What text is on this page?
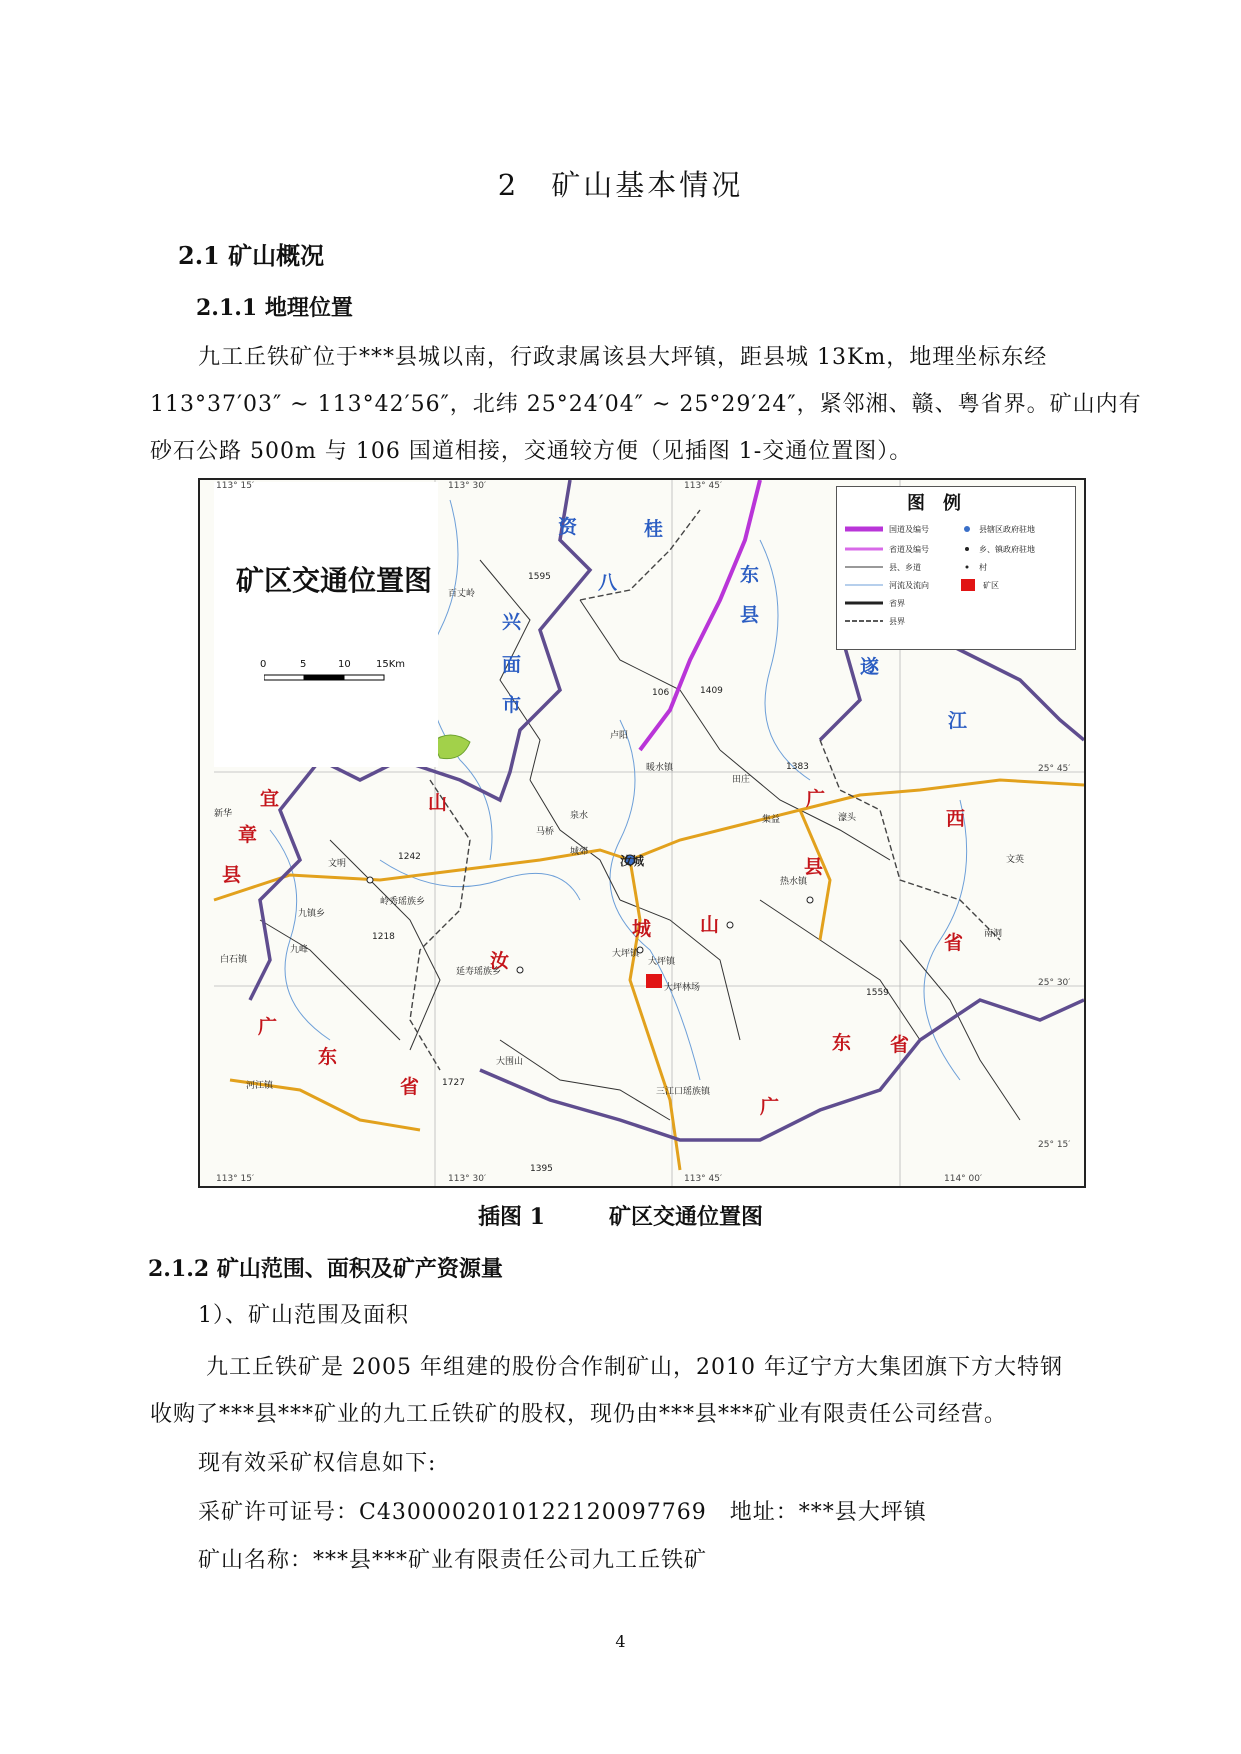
2　矿山基本情况
2.1 矿山概况
2.1.1 地理位置
九工丘铁矿位于***县城以南，行政隶属该县大坪镇，距县城 13Km，地理坐标东经
113°37′03″ ~ 113°42′56″，北纬 25°24′04″ ~ 25°29′24″，紧邻湘、赣、粤省界。矿山内有
砂石公路 500m 与 106 国道相接，交通较方便（见插图 1-交通位置图）。
矿区交通位置图
0	5	10	15Km
图　例
国道及编号
省道及编号
县、乡道
河流及流向
省界
县界
县辖区政府驻地
乡、镇政府驻地
村
矿区
113° 15′	113° 30′	113° 45′
113° 15′	113° 30′	113° 45′	114° 00′
25° 45′
25° 30′
25° 15′
资
兴
面
市
八
桂
东
县
遂
江
宜	山
章
县
广
县
城	山
汝
西
省
广
东
省
广
东 省
汝城
大坪镇
大坪林场
大坪镇
岭秀瑶族乡
延寿瑶族乡
三江口瑶族镇
热水镇
文明
泉水
马桥
城郊
暖水镇
田庄
卢阳
集益	濠头
九镇乡
新华
白石镇
河江镇
南洞
文英
九峰
大围山
百丈岭
1242
1218
1383
1409
1559
1595
1727
1395
106
插图 1	矿区交通位置图
2.1.2 矿山范围、面积及矿产资源量
1）、矿山范围及面积
九工丘铁矿是 2005 年组建的股份合作制矿山，2010 年辽宁方大集团旗下方大特钢
收购了***县***矿业的九工丘铁矿的股权，现仍由***县***矿业有限责任公司经营。
现有效采矿权信息如下:
采矿许可证号：C4300002010122120097769　地址：***县大坪镇
矿山名称：***县***矿业有限责任公司九工丘铁矿
4
